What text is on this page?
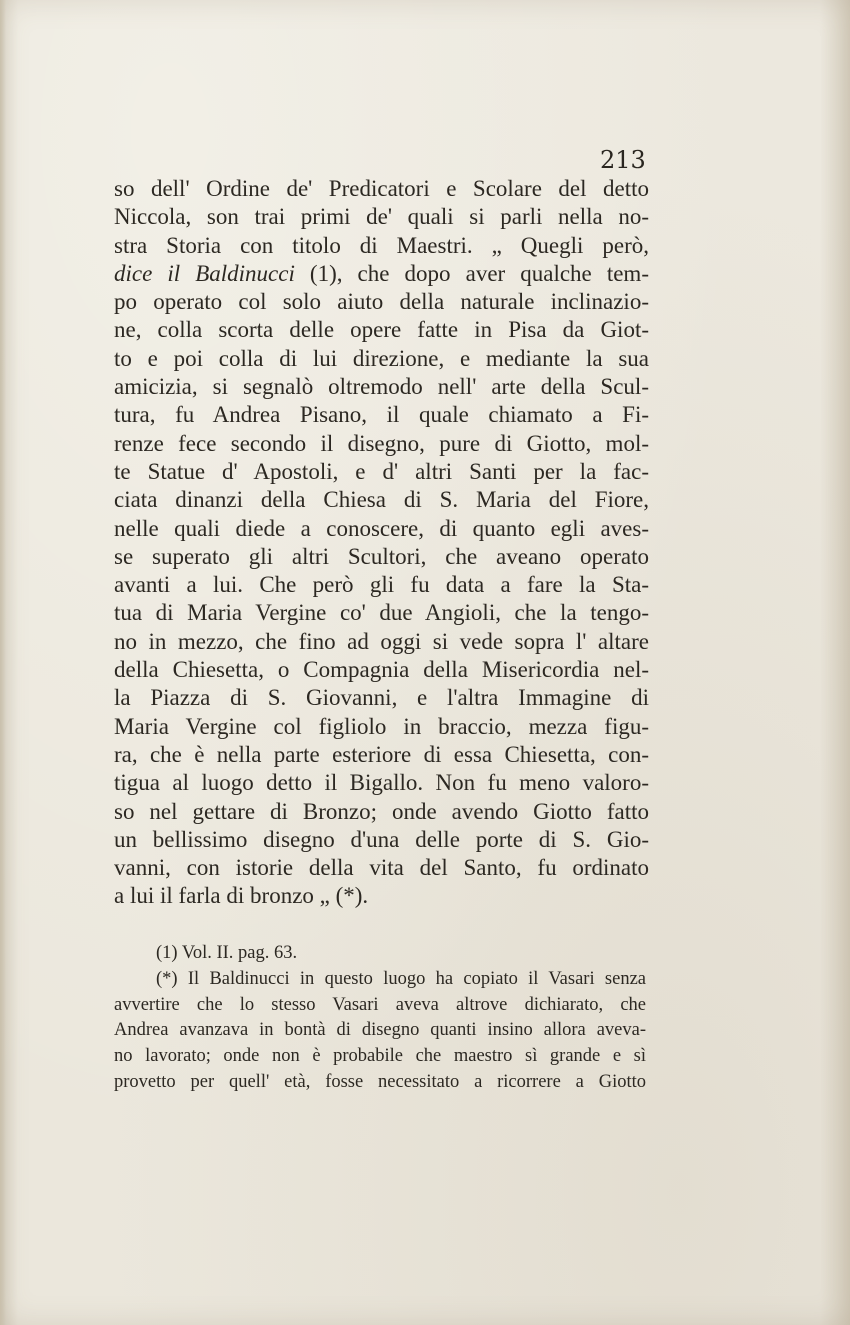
213
so dell' Ordine de' Predicatori e Scolare del detto
Niccola, son trai primi de' quali si parli nella no-
stra Storia con titolo di Maestri. „ Quegli però,
dice il Baldinucci (1), che dopo aver qualche tem-
po operato col solo aiuto della naturale inclinazio-
ne, colla scorta delle opere fatte in Pisa da Giot-
to e poi colla di lui direzione, e mediante la sua
amicizia, si segnalò oltremodo nell' arte della Scul-
tura, fu Andrea Pisano, il quale chiamato a Fi-
renze fece secondo il disegno, pure di Giotto, mol-
te Statue d' Apostoli, e d' altri Santi per la fac-
ciata dinanzi della Chiesa di S. Maria del Fiore,
nelle quali diede a conoscere, di quanto egli aves-
se superato gli altri Scultori, che aveano operato
avanti a lui. Che però gli fu data a fare la Sta-
tua di Maria Vergine co' due Angioli, che la tengo-
no in mezzo, che fino ad oggi si vede sopra l' altare
della Chiesetta, o Compagnia della Misericordia nel-
la Piazza di S. Giovanni, e l'altra Immagine di
Maria Vergine col figliolo in braccio, mezza figu-
ra, che è nella parte esteriore di essa Chiesetta, con-
tigua al luogo detto il Bigallo. Non fu meno valoro-
so nel gettare di Bronzo; onde avendo Giotto fatto
un bellissimo disegno d'una delle porte di S. Gio-
vanni, con istorie della vita del Santo, fu ordinato
a lui il farla di bronzo „ (*).
(1) Vol. II. pag. 63.
(*) Il Baldinucci in questo luogo ha copiato il Vasari senza
avvertire che lo stesso Vasari aveva altrove dichiarato, che
Andrea avanzava in bontà di disegno quanti insino allora aveva-
no lavorato; onde non è probabile che maestro sì grande e sì
provetto per quell' età, fosse necessitato a ricorrere a Giotto
